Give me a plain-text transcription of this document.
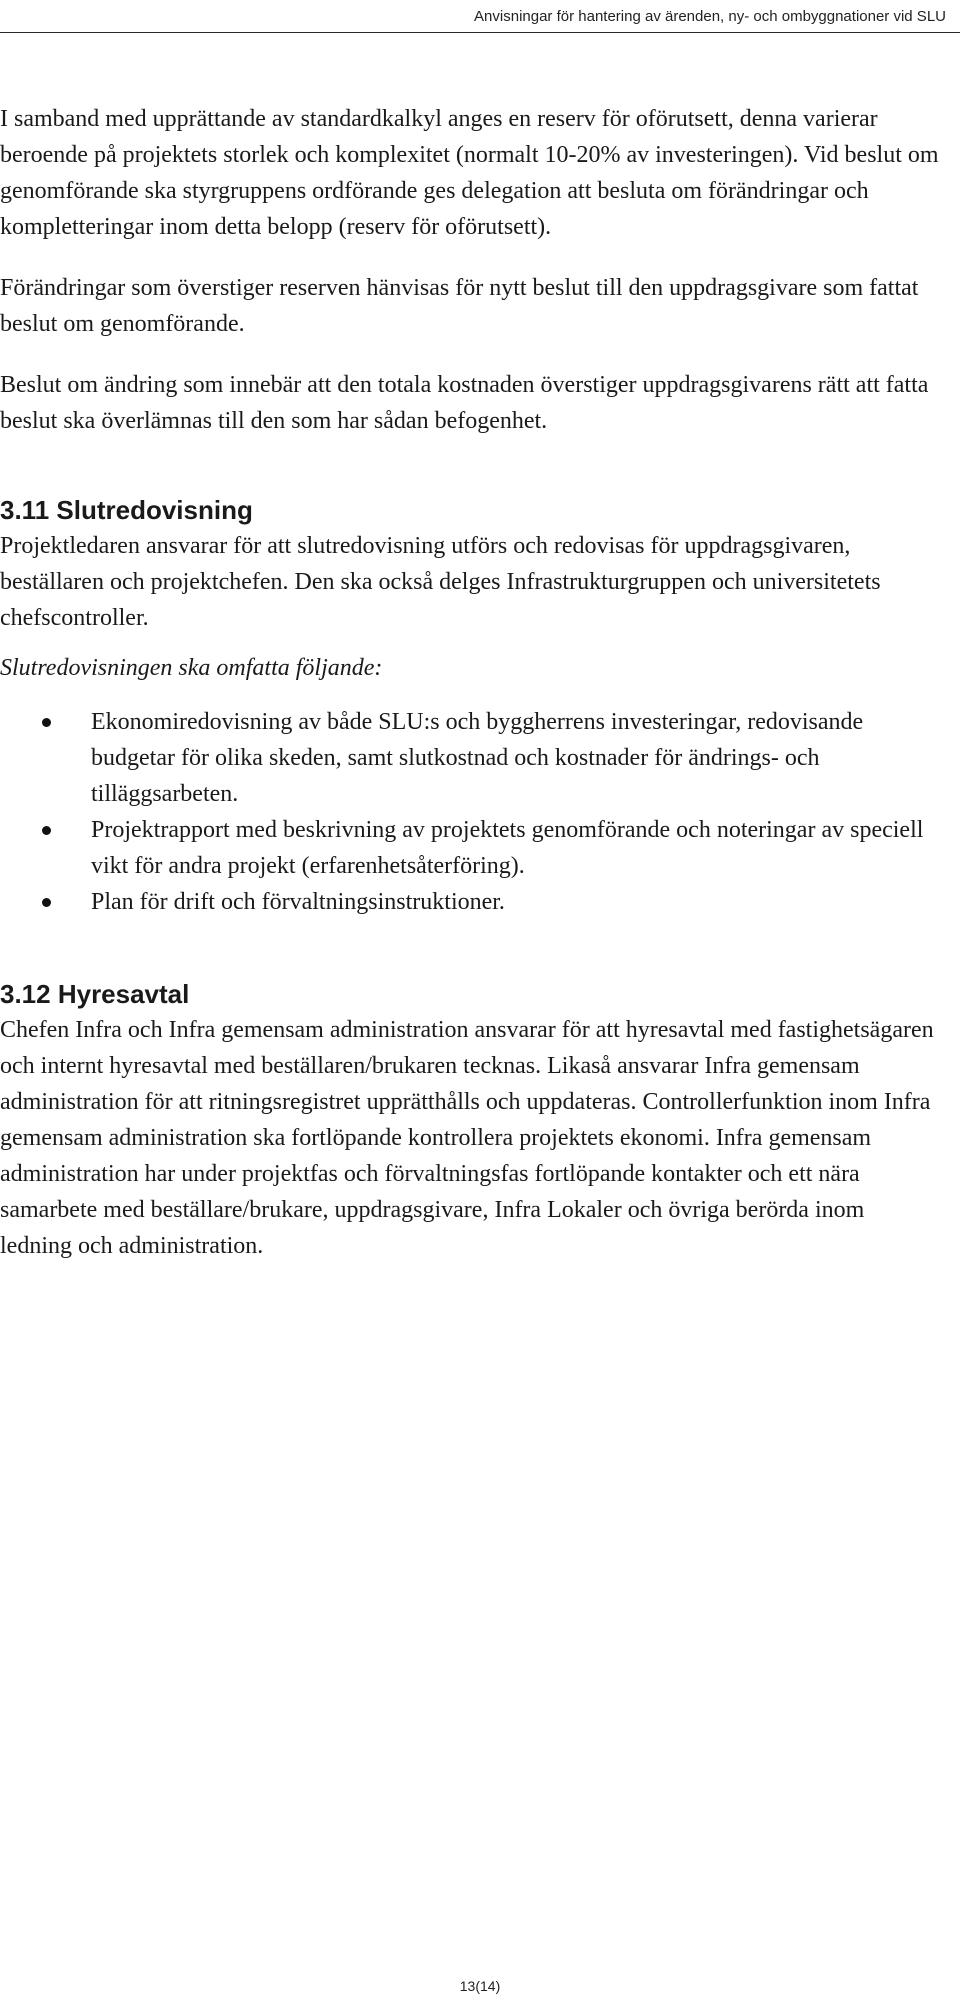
Anvisningar för hantering av ärenden, ny- och ombyggnationer vid SLU

I samband med upprättande av standardkalkyl anges en reserv för oförutsett, denna varierar beroende på projektets storlek och komplexitet (normalt 10-20% av investeringen). Vid beslut om genomförande ska styrgruppens ordförande ges delegation att besluta om förändringar och kompletteringar inom detta belopp (reserv för oförutsett).

Förändringar som överstiger reserven hänvisas för nytt beslut till den uppdragsgivare som fattat beslut om genomförande.

Beslut om ändring som innebär att den totala kostnaden överstiger uppdragsgivarens rätt att fatta beslut ska överlämnas till den som har sådan befogenhet.

3.11 Slutredovisning

Projektledaren ansvarar för att slutredovisning utförs och redovisas för uppdragsgivaren, beställaren och projektchefen. Den ska också delges Infrastrukturgruppen och universitetets chefscontroller.

Slutredovisningen ska omfatta följande:

Ekonomiredovisning av både SLU:s och byggherrens investeringar, redovisande budgetar för olika skeden, samt slutkostnad och kostnader för ändrings- och tilläggsarbeten.
Projektrapport med beskrivning av projektets genomförande och noteringar av speciell vikt för andra projekt (erfarenhetsåterföring).
Plan för drift och förvaltningsinstruktioner.
3.12 Hyresavtal

Chefen Infra och Infra gemensam administration ansvarar för att hyresavtal med fastighetsägaren och internt hyresavtal med beställaren/brukaren tecknas. Likaså ansvarar Infra gemensam administration för att ritningsregistret upprätthålls och uppdateras. Controllerfunktion inom Infra gemensam administration ska fortlöpande kontrollera projektets ekonomi. Infra gemensam administration har under projektfas och förvaltningsfas fortlöpande kontakter och ett nära samarbete med beställare/brukare, uppdragsgivare, Infra Lokaler och övriga berörda inom ledning och administration.

13(14)
